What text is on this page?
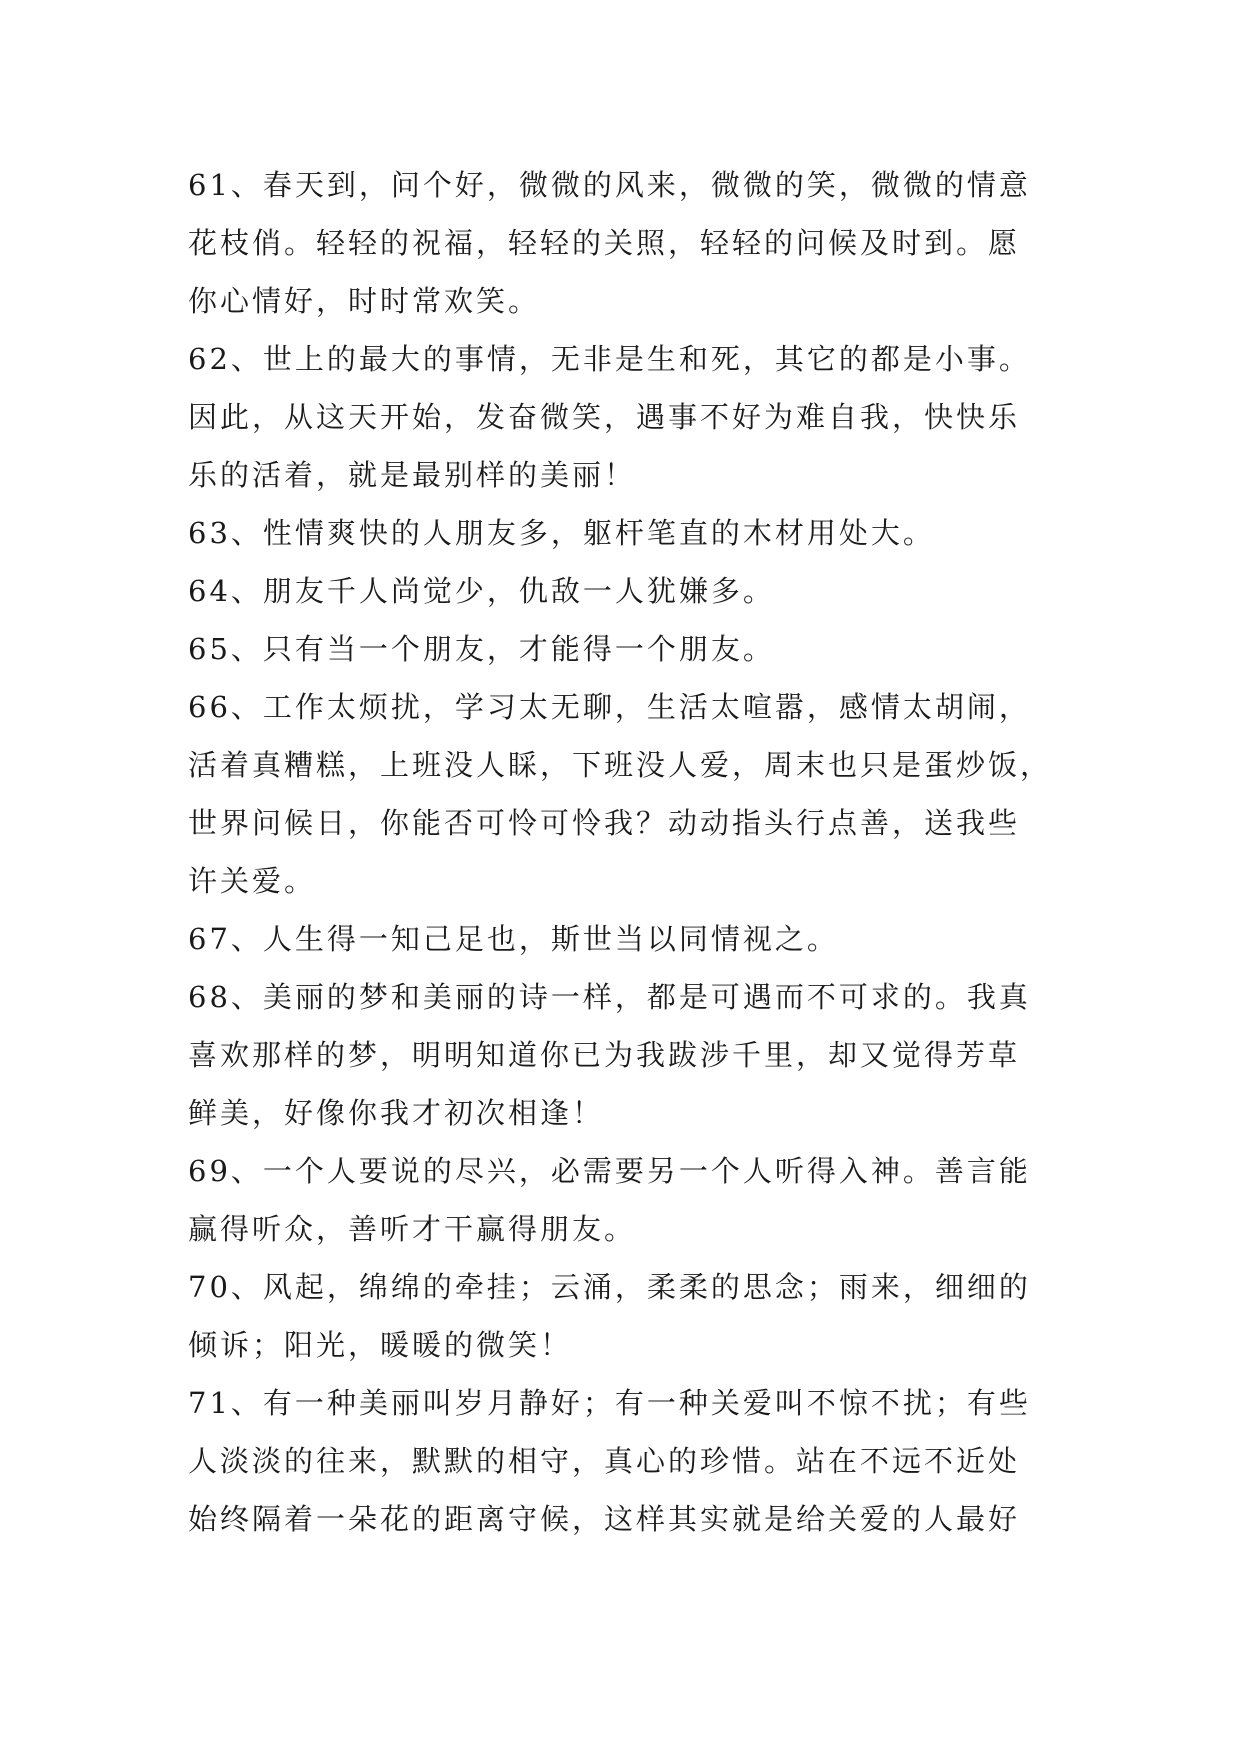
61、春天到，问个好，微微的风来，微微的笑，微微的情意
花枝俏。轻轻的祝福，轻轻的关照，轻轻的问候及时到。愿
你心情好，时时常欢笑。
62、世上的最大的事情，无非是生和死，其它的都是小事。
因此，从这天开始，发奋微笑，遇事不好为难自我，快快乐
乐的活着，就是最别样的美丽！
63、性情爽快的人朋友多，躯杆笔直的木材用处大。
64、朋友千人尚觉少，仇敌一人犹嫌多。
65、只有当一个朋友，才能得一个朋友。
66、工作太烦扰，学习太无聊，生活太喧嚣，感情太胡闹，
活着真糟糕，上班没人睬，下班没人爱，周末也只是蛋炒饭，
世界问候日，你能否可怜可怜我？动动指头行点善，送我些
许关爱。
67、人生得一知己足也，斯世当以同情视之。
68、美丽的梦和美丽的诗一样，都是可遇而不可求的。我真
喜欢那样的梦，明明知道你已为我跋涉千里，却又觉得芳草
鲜美，好像你我才初次相逢！
69、一个人要说的尽兴，必需要另一个人听得入神。善言能
赢得听众，善听才干赢得朋友。
70、风起，绵绵的牵挂；云涌，柔柔的思念；雨来，细细的
倾诉；阳光，暖暖的微笑！
71、有一种美丽叫岁月静好；有一种关爱叫不惊不扰；有些
人淡淡的往来，默默的相守，真心的珍惜。站在不远不近处
始终隔着一朵花的距离守候，这样其实就是给关爱的人最好
